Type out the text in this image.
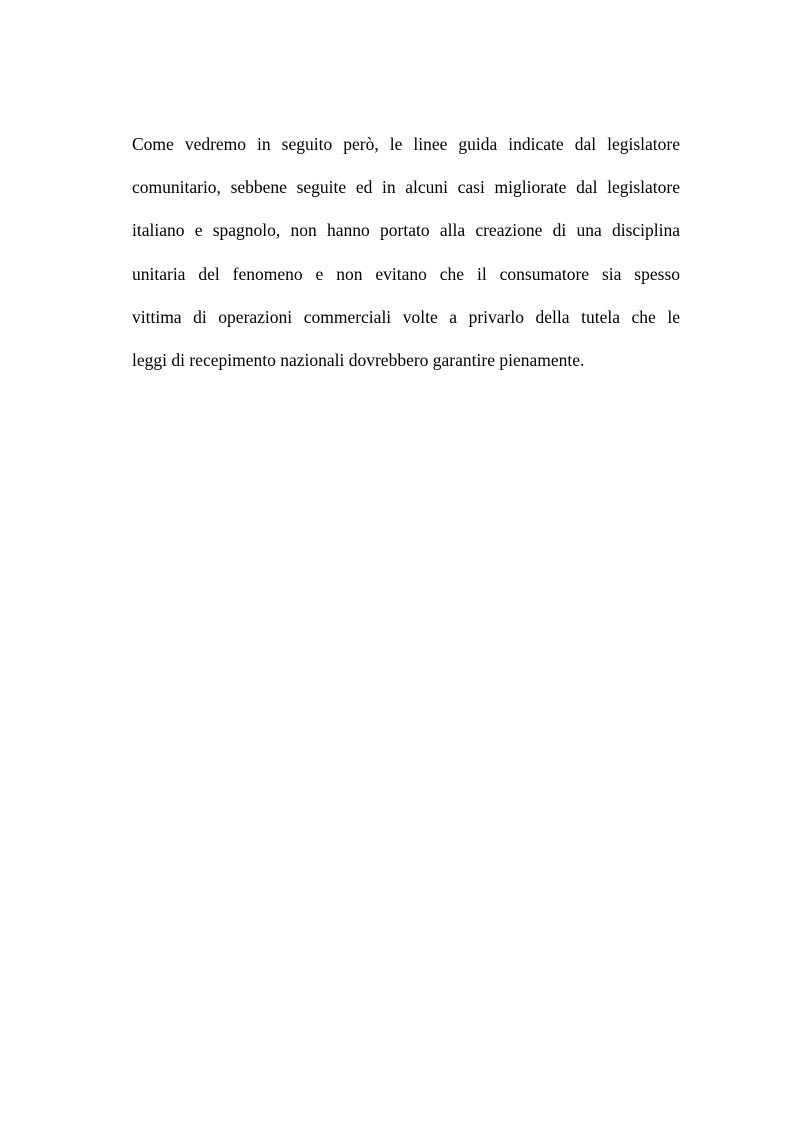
Come vedremo in seguito però, le linee guida indicate dal legislatore
comunitario, sebbene seguite ed in alcuni casi migliorate dal legislatore
italiano e spagnolo, non hanno portato alla creazione di una disciplina
unitaria del fenomeno e non evitano che il consumatore sia spesso
vittima di operazioni commerciali volte a privarlo della tutela che le
leggi di recepimento nazionali dovrebbero garantire pienamente.
